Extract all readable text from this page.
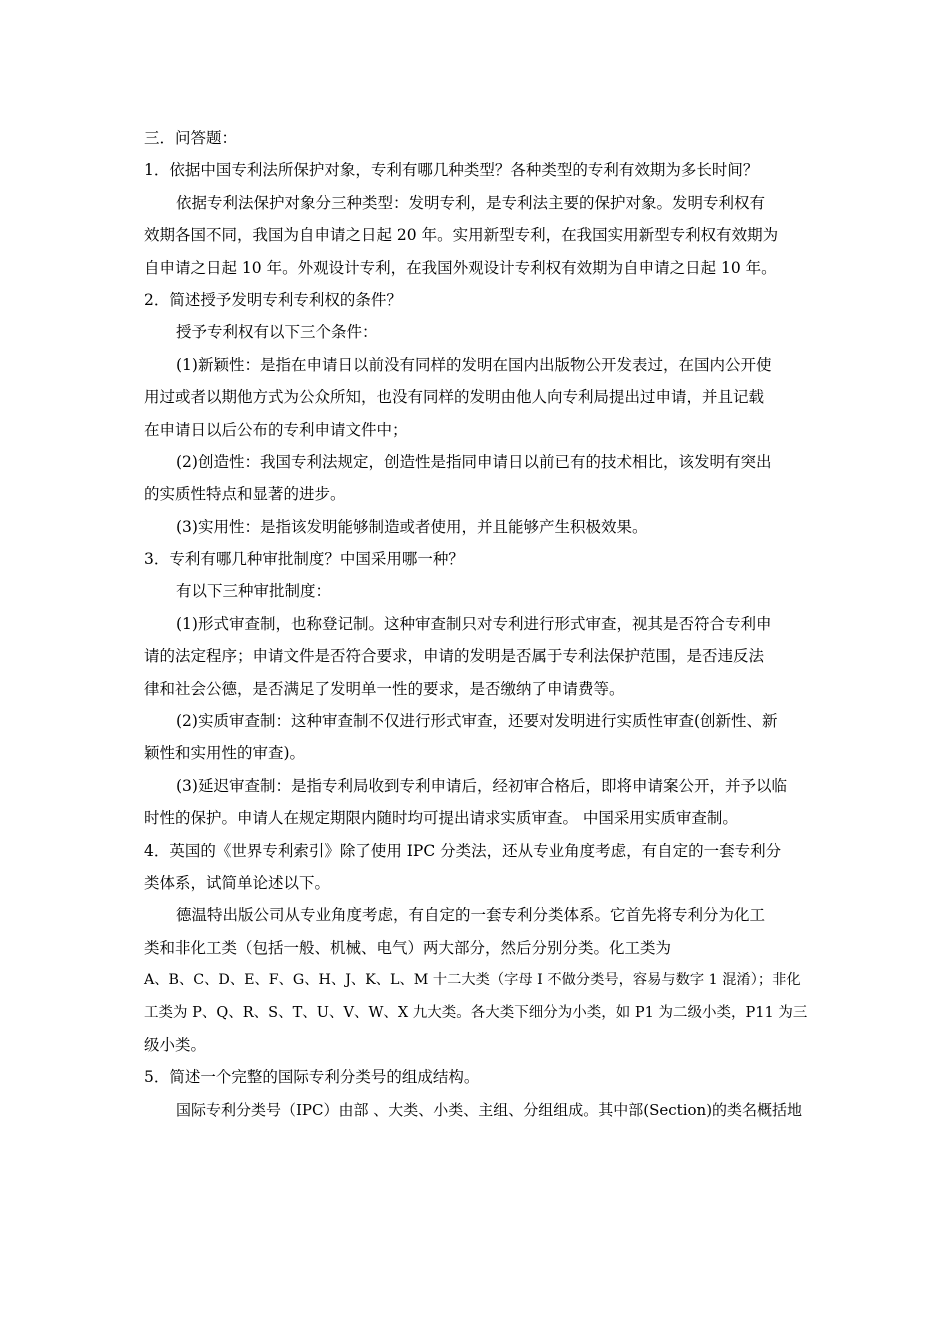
三．问答题：
1．依据中国专利法所保护对象，专利有哪几种类型？各种类型的专利有效期为多长时间？
依据专利法保护对象分三种类型：发明专利，是专利法主要的保护对象。发明专利权有
效期各国不同，我国为自申请之日起 20 年。实用新型专利，在我国实用新型专利权有效期为
自申请之日起 10 年。外观设计专利，在我国外观设计专利权有效期为自申请之日起 10 年。
2．简述授予发明专利专利权的条件？
授予专利权有以下三个条件：
(1)新颖性：是指在申请日以前没有同样的发明在国内出版物公开发表过，在国内公开使
用过或者以期他方式为公众所知，也没有同样的发明由他人向专利局提出过申请，并且记载
在申请日以后公布的专利申请文件中；
(2)创造性：我国专利法规定，创造性是指同申请日以前已有的技术相比，该发明有突出
的实质性特点和显著的进步。
(3)实用性：是指该发明能够制造或者使用，并且能够产生积极效果。
3．专利有哪几种审批制度？中国采用哪一种？
有以下三种审批制度：
(1)形式审查制，也称登记制。这种审查制只对专利进行形式审查，视其是否符合专利申
请的法定程序；申请文件是否符合要求，申请的发明是否属于专利法保护范围，是否违反法
律和社会公德，是否满足了发明单一性的要求，是否缴纳了申请费等。
(2)实质审查制：这种审查制不仅进行形式审查，还要对发明进行实质性审查(创新性、新
颖性和实用性的审查)。
(3)延迟审查制：是指专利局收到专利申请后，经初审合格后，即将申请案公开，并予以临
时性的保护。申请人在规定期限内随时均可提出请求实质审查。 中国采用实质审查制。
4．英国的《世界专利索引》除了使用 IPC 分类法，还从专业角度考虑，有自定的一套专利分
类体系，试简单论述以下。
德温特出版公司从专业角度考虑，有自定的一套专利分类体系。它首先将专利分为化工
类和非化工类（包括一般、机械、电气）两大部分，然后分别分类。化工类为
A、B、C、D、E、F、G、H、J、K、L、M 十二大类（字母 I 不做分类号，容易与数字 1 混淆）；非化
工类为 P、Q、R、S、T、U、V、W、X 九大类。各大类下细分为小类，如 P1 为二级小类，P11 为三
级小类。
5．简述一个完整的国际专利分类号的组成结构。
国际专利分类号（IPC）由部 、大类、小类、主组、分组组成。其中部(Section)的类名概括地
